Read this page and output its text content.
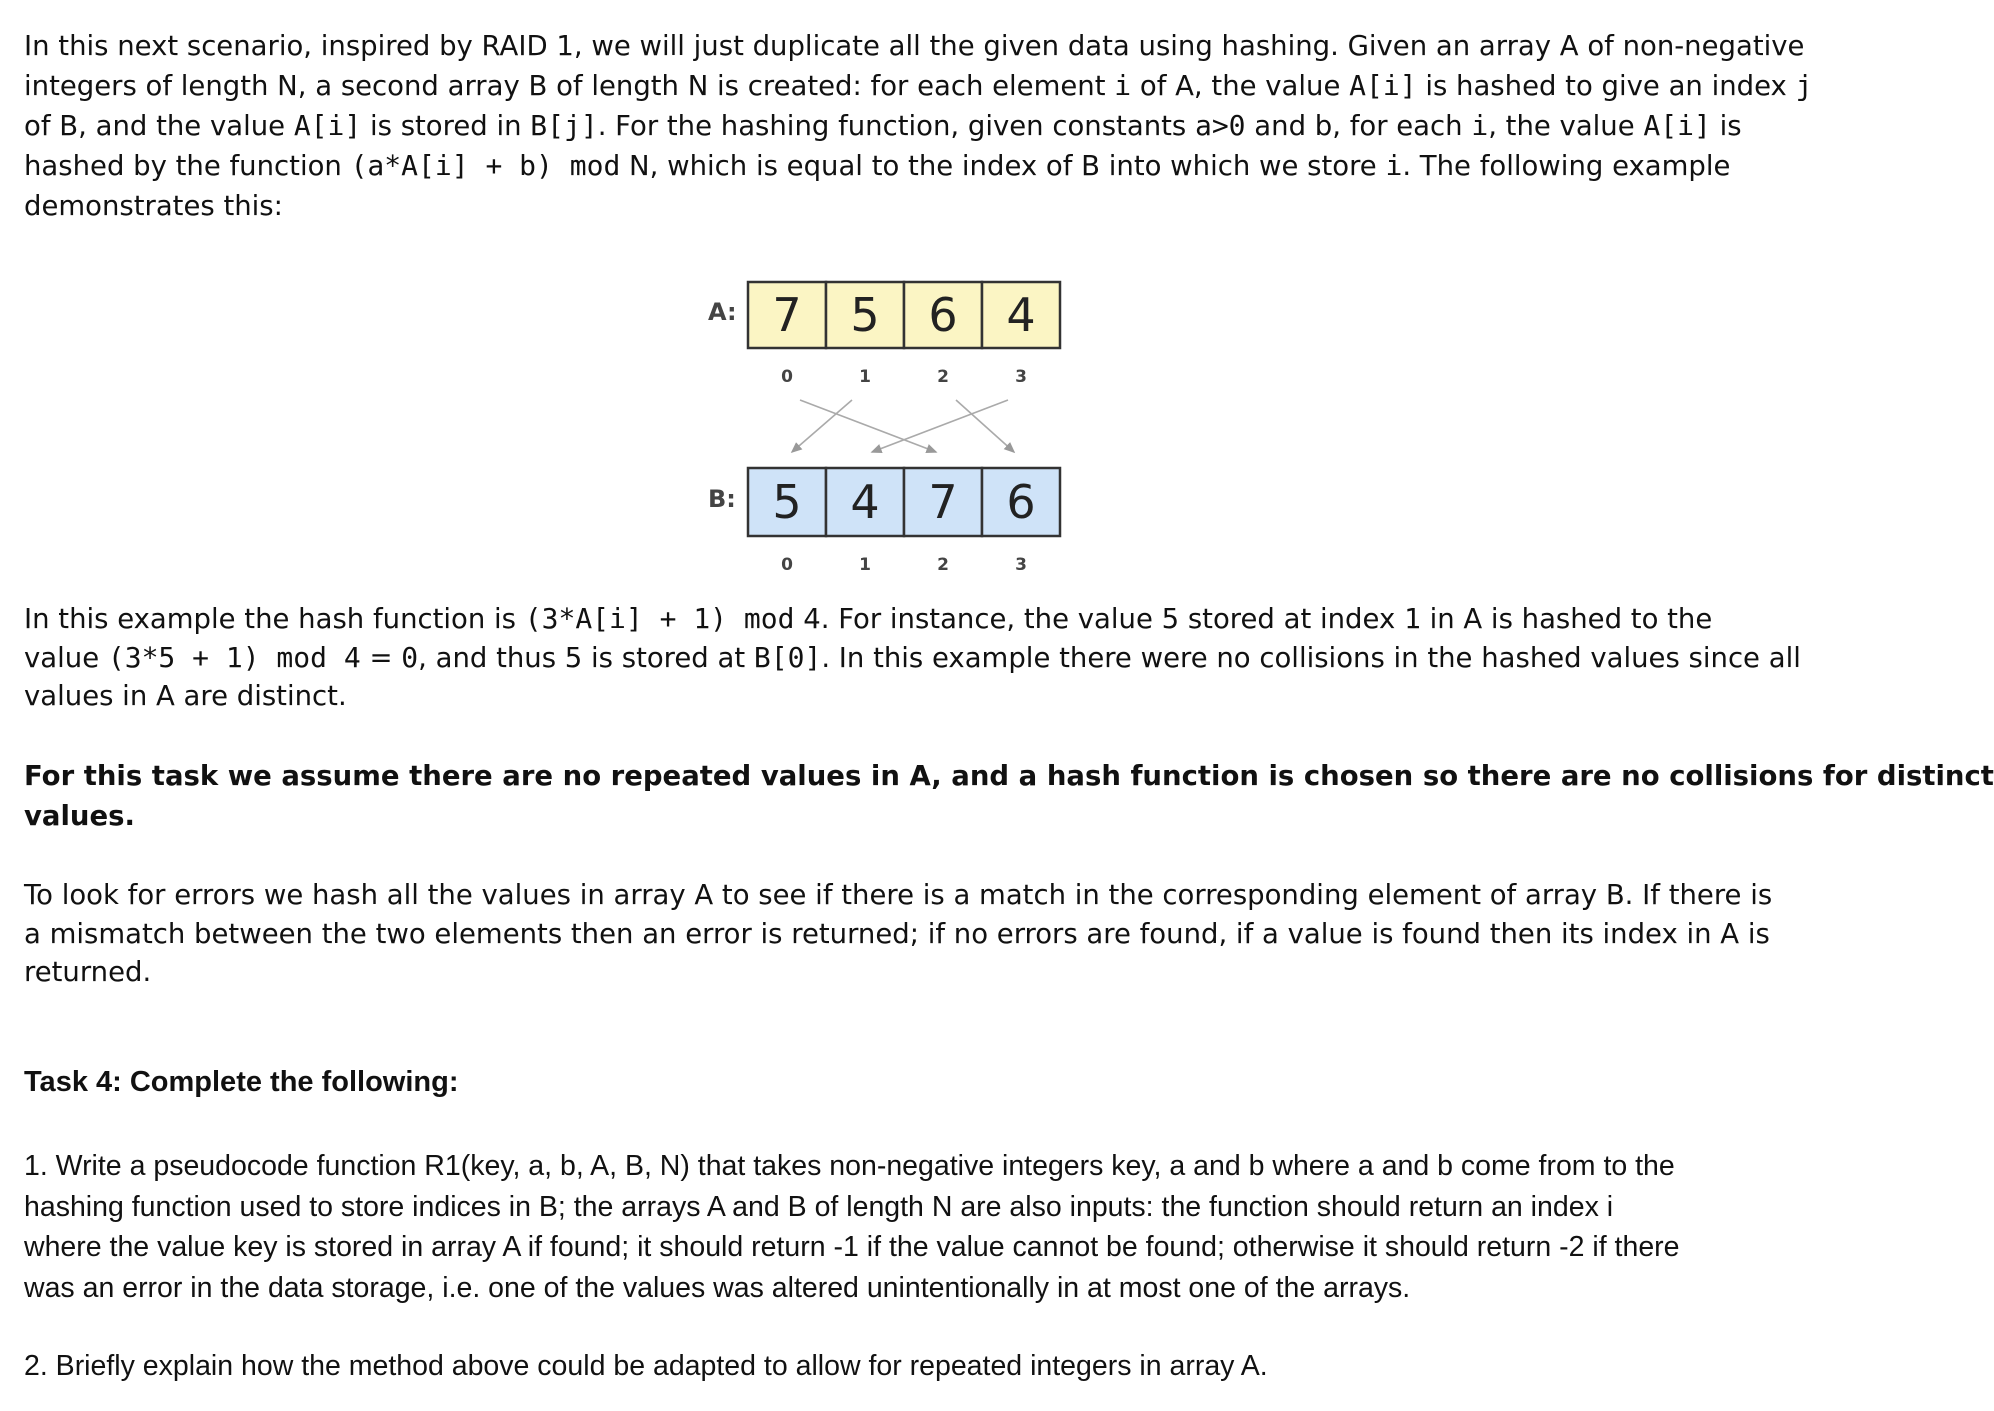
In this next scenario, inspired by RAID 1, we will just duplicate all the given data using hashing. Given an array A of non-negative
integers of length N, a second array B of length N is created: for each element i of A, the value A[i] is hashed to give an index j
of B, and the value A[i] is stored in B[j]. For the hashing function, given constants a>0 and b, for each i, the value A[i] is
hashed by the function (a*A[i] + b) mod N, which is equal to the index of B into which we store i. The following example
demonstrates this:
A: 7 5 6 4
0	1	2	3
B: 5 4 7 6
0	1	2	3
In this example the hash function is (3*A[i] + 1) mod 4. For instance, the value 5 stored at index 1 in A is hashed to the
value (3*5 + 1) mod 4 = 0, and thus 5 is stored at B[0]. In this example there were no collisions in the hashed values since all
values in A are distinct.
For this task we assume there are no repeated values in A, and a hash function is chosen so there are no collisions for distinct
values.
To look for errors we hash all the values in array A to see if there is a match in the corresponding element of array B. If there is
a mismatch between the two elements then an error is returned; if no errors are found, if a value is found then its index in A is
returned.
Task 4: Complete the following:
1. Write a pseudocode function R1(key, a, b, A, B, N) that takes non-negative integers key, a and b where a and b come from to the
hashing function used to store indices in B; the arrays A and B of length N are also inputs: the function should return an index i
where the value key is stored in array A if found; it should return -1 if the value cannot be found; otherwise it should return -2 if there
was an error in the data storage, i.e. one of the values was altered unintentionally in at most one of the arrays.
2. Briefly explain how the method above could be adapted to allow for repeated integers in array A.
